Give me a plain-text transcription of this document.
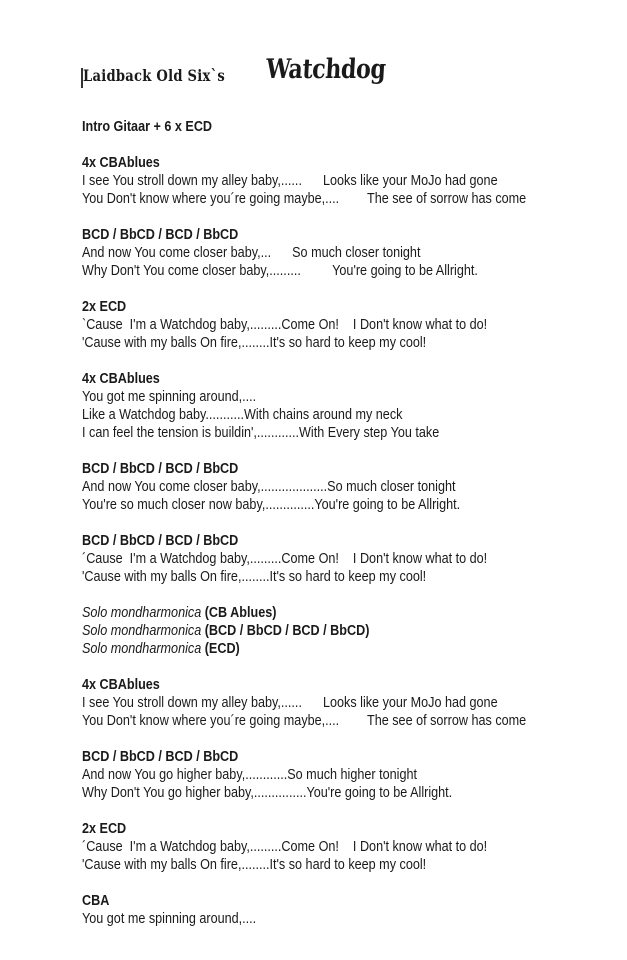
Laidback Old Six`s Watchdog
Intro Gitaar + 6 x ECD
4x CBAblues
I see You stroll down my alley baby,......      Looks like your MoJo had gone
You Don't know where you´re going maybe,....        The see of sorrow has come
BCD / BbCD / BCD / BbCD
And now You come closer baby,...      So much closer tonight
Why Don't You come closer baby,.........         You're going to be Allright.
2x ECD
`Cause  I'm a Watchdog baby,.........Come On!    I Don't know what to do!
'Cause with my balls On fire,........It's so hard to keep my cool!
4x CBAblues
You got me spinning around,....
Like a Watchdog baby...........With chains around my neck
I can feel the tension is buildin',............With Every step You take
BCD / BbCD / BCD / BbCD
And now You come closer baby,...................So much closer tonight
You're so much closer now baby,..............You're going to be Allright.
BCD / BbCD / BCD / BbCD
´Cause  I'm a Watchdog baby,.........Come On!    I Don't know what to do!
'Cause with my balls On fire,........It's so hard to keep my cool!
Solo mondharmonica (CB Ablues)
Solo mondharmonica (BCD / BbCD / BCD / BbCD)
Solo mondharmonica (ECD)
4x CBAblues
I see You stroll down my alley baby,......      Looks like your MoJo had gone
You Don't know where you´re going maybe,....        The see of sorrow has come
BCD / BbCD / BCD / BbCD
And now You go higher baby,............So much higher tonight
Why Don't You go higher baby,...............You're going to be Allright.
2x ECD
´Cause  I'm a Watchdog baby,.........Come On!    I Don't know what to do!
'Cause with my balls On fire,........It's so hard to keep my cool!
CBA
You got me spinning around,....
